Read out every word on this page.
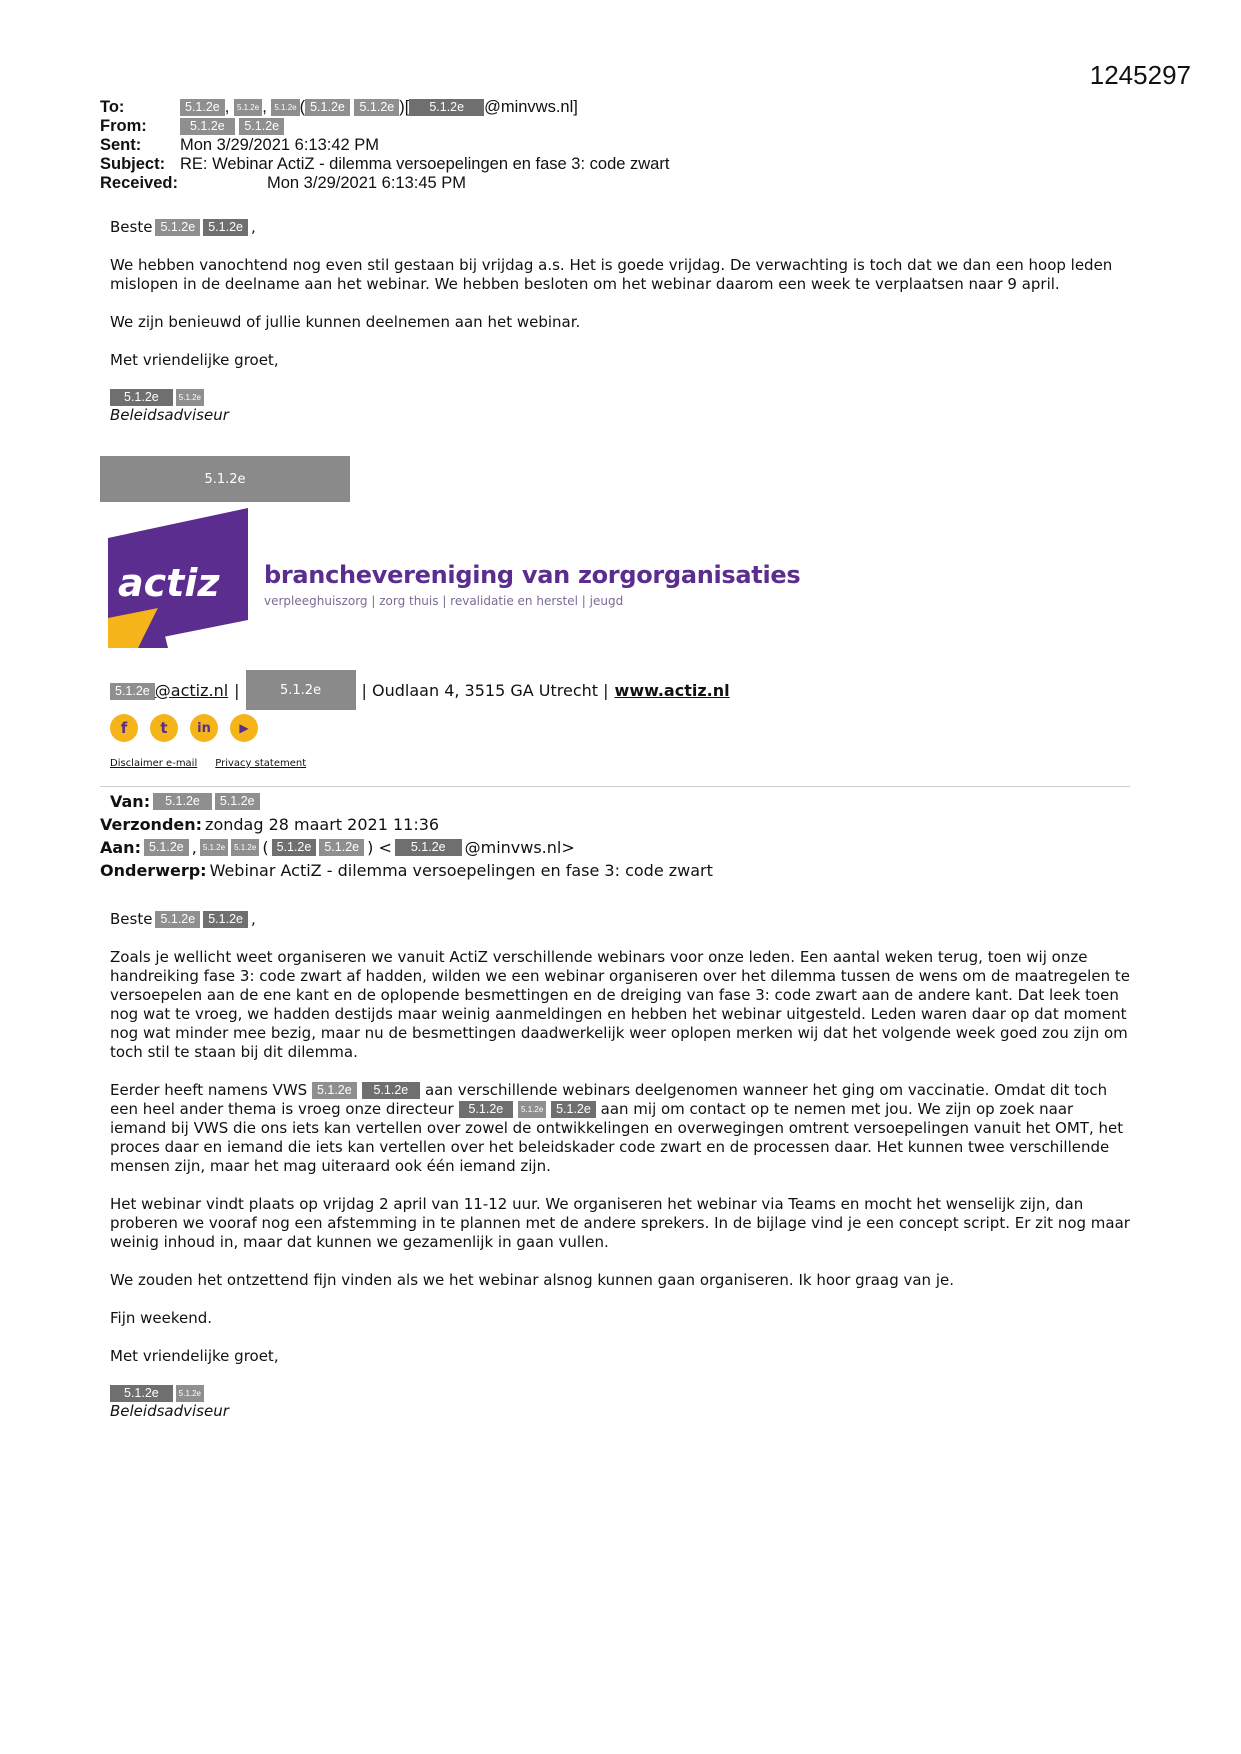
1245297
To:	5.1.2e , 5.1.2e , 5.1.2e ( 5.1.2e 5.1.2e )[ 5.1.2e @minvws.nl]
From:	5.1.2e 5.1.2e
Sent:	Mon 3/29/2021 6:13:42 PM
Subject: RE: Webinar ActiZ - dilemma versoepelingen en fase 3: code zwart
Received:	Mon 3/29/2021 6:13:45 PM
Beste 5.1.2e	5.1.2e ,

We hebben vanochtend nog even stil gestaan bij vrijdag a.s. Het is goede vrijdag. De verwachting is toch dat we dan een hoop leden mislopen in de deelname aan het webinar. We hebben besloten om het webinar daarom een week te verplaatsen naar 9 april.

We zijn benieuwd of jullie kunnen deelnemen aan het webinar.

Met vriendelijke groet,

5.1.2e	5.1.2e

Beleidsadviseur

5.1.2e
actiz branchevereniging van zorgorganisaties
verpleeghuiszorg | zorg thuis | revalidatie en herstel | jeugd
5.1.2e @actiz.nl |	5.1.2e	| Oudlaan 4, 3515 GA Utrecht | www.actiz.nl
f	t	in	▶
Disclaimer e-mail Privacy statement
Van:	5.1.2e	5.1.2e
Verzonden: zondag 28 maart 2021 11:36
Aan: 5.1.2e , 5.1.2e	5.1.2e ( 5.1.2e	5.1.2e ) <	5.1.2e	@minvws.nl>
Onderwerp: Webinar ActiZ - dilemma versoepelingen en fase 3: code zwart
Beste 5.1.2e	5.1.2e ,

Zoals je wellicht weet organiseren we vanuit ActiZ verschillende webinars voor onze leden. Een aantal weken terug, toen wij onze handreiking fase 3: code zwart af hadden, wilden we een webinar organiseren over het dilemma tussen de wens om de maatregelen te versoepelen aan de ene kant en de oplopende besmettingen en de dreiging van fase 3: code zwart aan de andere kant. Dat leek toen nog wat te vroeg, we hadden destijds maar weinig aanmeldingen en hebben het webinar uitgesteld. Leden waren daar op dat moment nog wat minder mee bezig, maar nu de besmettingen daadwerkelijk weer oplopen merken wij dat het volgende week goed zou zijn om toch stil te staan bij dit dilemma.

Eerder heeft namens VWS 5.1.2e 5.1.2e aan verschillende webinars deelgenomen wanneer het ging om vaccinatie. Omdat dit toch een heel ander thema is vroeg onze directeur 5.1.2e 5.1.2e 5.1.2e aan mij om contact op te nemen met jou. We zijn op zoek naar iemand bij VWS die ons iets kan vertellen over zowel de ontwikkelingen en overwegingen omtrent versoepelingen vanuit het OMT, het proces daar en iemand die iets kan vertellen over het beleidskader code zwart en de processen daar. Het kunnen twee verschillende mensen zijn, maar het mag uiteraard ook één iemand zijn.

Het webinar vindt plaats op vrijdag 2 april van 11-12 uur. We organiseren het webinar via Teams en mocht het wenselijk zijn, dan proberen we vooraf nog een afstemming in te plannen met de andere sprekers. In de bijlage vind je een concept script. Er zit nog maar weinig inhoud in, maar dat kunnen we gezamenlijk in gaan vullen.

We zouden het ontzettend fijn vinden als we het webinar alsnog kunnen gaan organiseren. Ik hoor graag van je.

Fijn weekend.

Met vriendelijke groet,

5.1.2e	5.1.2e

Beleidsadviseur
